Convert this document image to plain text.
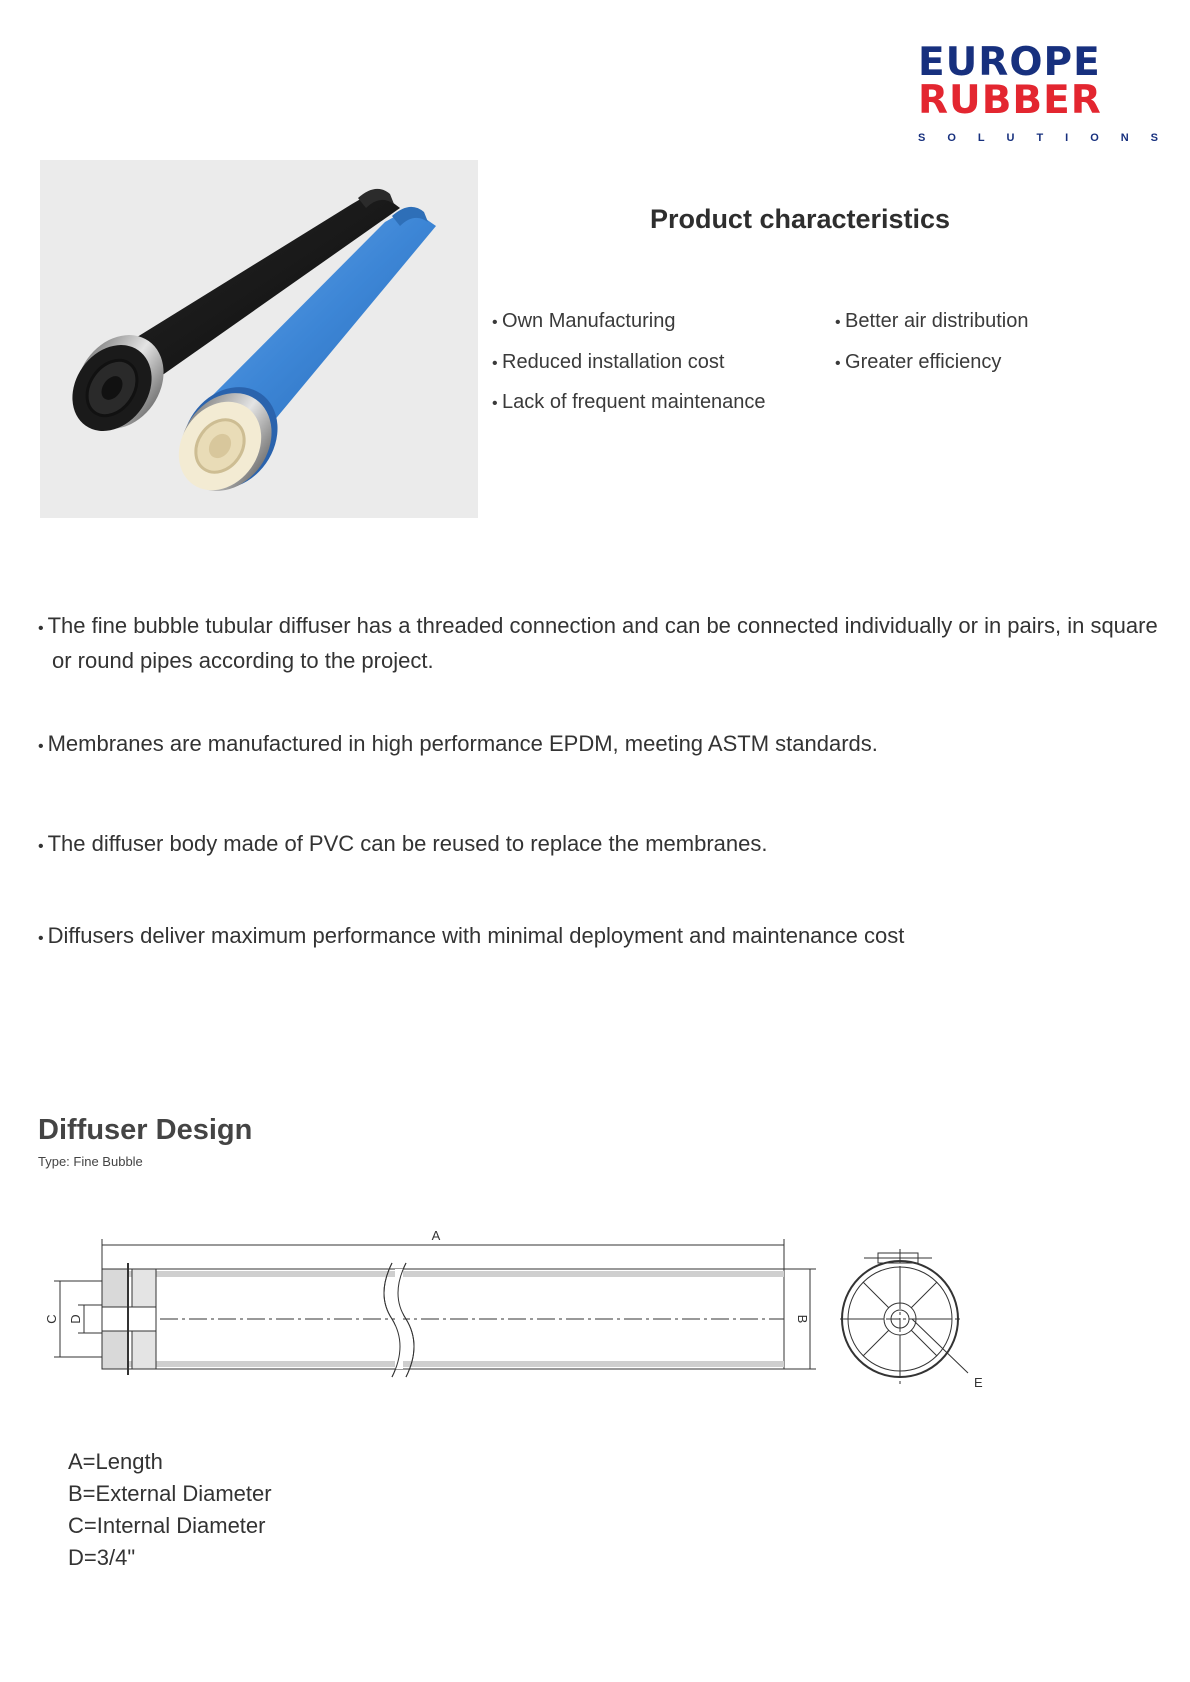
EUROPE
RUBBER
S O L U T I O N S
Product characteristics
• Own Manufacturing
• Reduced installation cost
• Lack of frequent maintenance
• Better air distribution
• Greater efficiency

• The fine bubble tubular diffuser has a threaded connection and can be connected individually or in pairs, in square or round pipes according to the project.

• Membranes are manufactured in high performance EPDM, meeting ASTM standards.

• The diffuser body made of PVC can be reused to replace the membranes.

• Diffusers deliver maximum performance with minimal deployment and maintenance cost

Diffuser Design
Type: Fine Bubble
A
C D	B
E
A=Length
B=External Diameter
C=Internal Diameter
D=3/4"
